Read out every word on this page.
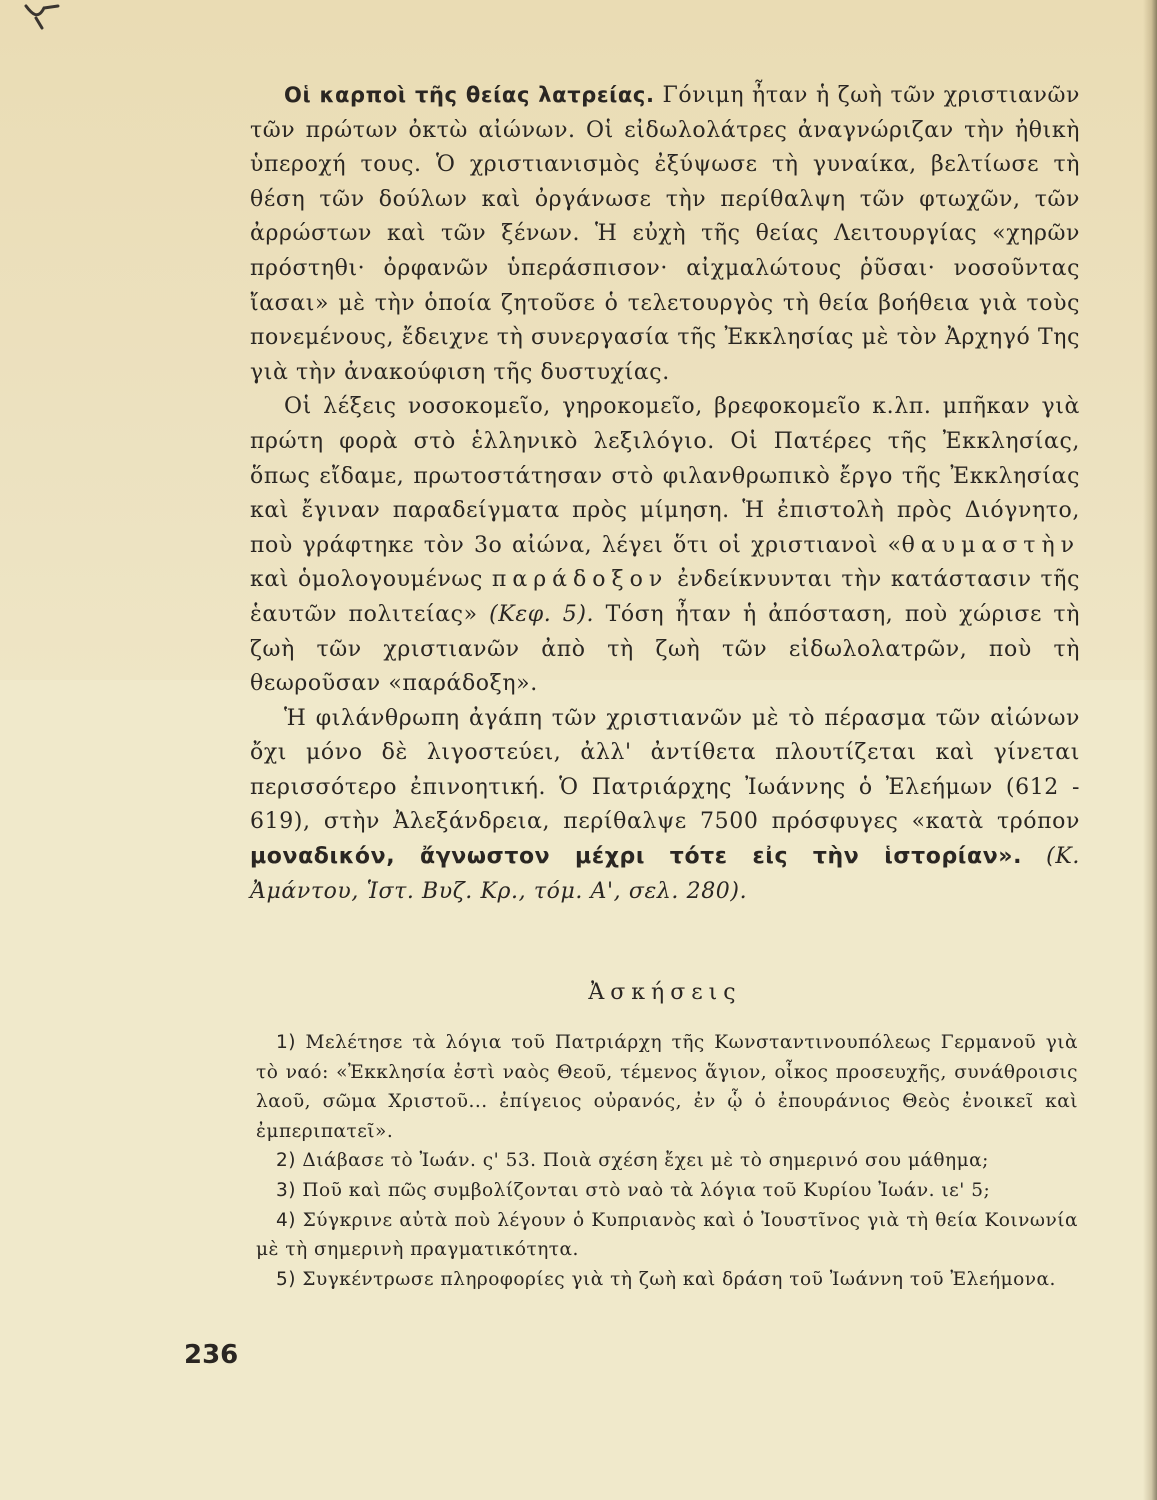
Οἱ καρποὶ τῆς θείας λατρείας. Γόνιμη ἦταν ἡ ζωὴ τῶν χριστιανῶν τῶν πρώτων ὀκτὼ αἰώνων. Οἱ εἰδωλολάτρες ἀναγνώριζαν τὴν ἠθικὴ ὑπεροχή τους. Ὁ χριστιανισμὸς ἐξύψωσε τὴ γυναίκα, βελτίωσε τὴ θέση τῶν δούλων καὶ ὀργάνωσε τὴν περίθαλψη τῶν φτωχῶν, τῶν ἀρρώστων καὶ τῶν ξένων. Ἡ εὐχὴ τῆς θείας Λειτουργίας «χηρῶν πρόστηθι· ὀρφανῶν ὑπεράσπισον· αἰχμαλώτους ῥῦσαι· νοσοῦντας ἴασαι» μὲ τὴν ὁποία ζητοῦσε ὁ τελετουργὸς τὴ θεία βοήθεια γιὰ τοὺς πονεμένους, ἔδειχνε τὴ συνεργασία τῆς Ἐκκλησίας μὲ τὸν Ἀρχηγό Της γιὰ τὴν ἀνακούφιση τῆς δυστυχίας.

Οἱ λέξεις νοσοκομεῖο, γηροκομεῖο, βρεφοκομεῖο κ.λπ. μπῆκαν γιὰ πρώτη φορὰ στὸ ἑλληνικὸ λεξιλόγιο. Οἱ Πατέρες τῆς Ἐκκλησίας, ὅπως εἴδαμε, πρωτοστάτησαν στὸ φιλανθρωπικὸ ἔργο τῆς Ἐκκλησίας καὶ ἔγιναν παραδείγματα πρὸς μίμηση. Ἡ ἐπιστολὴ πρὸς Διόγνητο, ποὺ γράφτηκε τὸν 3ο αἰώνα, λέγει ὅτι οἱ χριστιανοὶ «θαυμαστὴν καὶ ὁμολογουμένως παράδοξον ἐνδείκνυνται τὴν κατάστασιν τῆς ἑαυτῶν πολιτείας» (Κεφ. 5). Τόση ἦταν ἡ ἀπόσταση, ποὺ χώρισε τὴ ζωὴ τῶν χριστιανῶν ἀπὸ τὴ ζωὴ τῶν εἰδωλολατρῶν, ποὺ τὴ θεωροῦσαν «παράδοξη».

Ἡ φιλάνθρωπη ἀγάπη τῶν χριστιανῶν μὲ τὸ πέρασμα τῶν αἰώνων ὄχι μόνο δὲ λιγοστεύει, ἀλλ' ἀντίθετα πλουτίζεται καὶ γίνεται περισσότερο ἐπινοητική. Ὁ Πατριάρχης Ἰωάννης ὁ Ἐλεήμων (612 - 619), στὴν Ἀλεξάνδρεια, περίθαλψε 7500 πρόσφυγες «κατὰ τρόπον μοναδικόν, ἄγνωστον μέχρι τότε εἰς τὴν ἱστορίαν». (Κ. Ἀμάντου, Ἱστ. Βυζ. Κρ., τόμ. Α', σελ. 280).

Ἀσκήσεις

1) Μελέτησε τὰ λόγια τοῦ Πατριάρχη τῆς Κωνσταντινουπόλεως Γερμανοῦ γιὰ τὸ ναό: «Ἐκκλησία ἐστὶ ναὸς Θεοῦ, τέμενος ἅγιον, οἶκος προσευχῆς, συνάθροισις λαοῦ, σῶμα Χριστοῦ... ἐπίγειος οὐρανός, ἐν ᾧ ὁ ἐπουράνιος Θεὸς ἐνοικεῖ καὶ ἐμπεριπατεῖ».

2) Διάβασε τὸ Ἰωάν. ς' 53. Ποιὰ σχέση ἔχει μὲ τὸ σημερινό σου μάθημα;

3) Ποῦ καὶ πῶς συμβολίζονται στὸ ναὸ τὰ λόγια τοῦ Κυρίου Ἰωάν. ιε' 5;

4) Σύγκρινε αὐτὰ ποὺ λέγουν ὁ Κυπριανὸς καὶ ὁ Ἰουστῖνος γιὰ τὴ θεία Κοινωνία μὲ τὴ σημερινὴ πραγματικότητα.

5) Συγκέντρωσε πληροφορίες γιὰ τὴ ζωὴ καὶ δράση τοῦ Ἰωάννη τοῦ Ἐλεήμονα.

236
